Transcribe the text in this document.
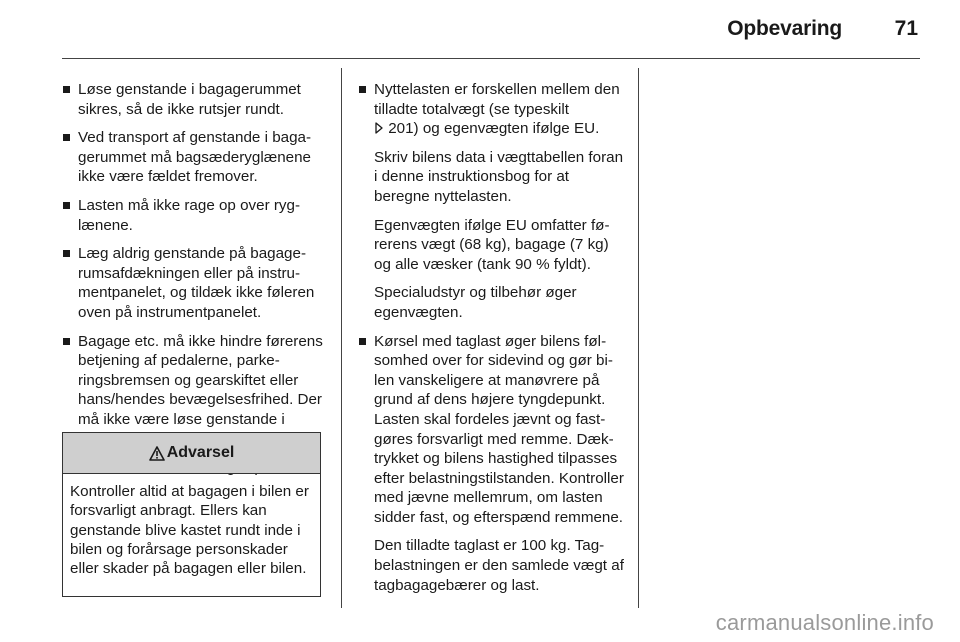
Opbevaring	71
Løse genstande i bagagerummet sikres, så de ikke rutsjer rundt.
Ved transport af genstande i bagagerummet må bagsæderyglænene ikke være fældet fremover.
Lasten må ikke rage op over ryglænene.
Læg aldrig genstande på bagagerumsafdækningen eller på instrumentpanelet, og tildæk ikke føleren oven på instrumentpanelet.
Bagage etc. må ikke hindre førerens betjening af pedalerne, parkeringsbremsen og gearskiftet eller hans/hendes bevægelsesfrihed. Der må ikke være løse genstande i
Advarsel
Kontroller altid at bagagen i bilen er forsvarligt anbragt. Ellers kan genstande blive kastet rundt inde i bilen og forårsage personskader eller skader på bagagen eller bilen.
Nyttelasten er forskellen mellem den tilladte totalvægt (se typeskilt
201) og egenvægten ifølge EU.
Skriv bilens data i vægttabellen foran i denne instruktionsbog for at beregne nyttelasten.
Egenvægten ifølge EU omfatter førerens vægt (68 kg), bagage (7 kg) og alle væsker (tank 90 % fyldt).
Specialudstyr og tilbehør øger egenvægten.
Kørsel med taglast øger bilens følsomhed over for sidevind og gør bilen vanskeligere at manøvrere på grund af dens højere tyngdepunkt. Lasten skal fordeles jævnt og fastgøres forsvarligt med remme. Dæktrykket og bilens hastighed tilpasses efter belastningstilstanden. Kontroller med jævne mellemrum, om lasten sidder fast, og efterspænd remmene.
Den tilladte taglast er 100 kg. Tagbelastningen er den samlede vægt af tagbagagebærer og last.
carmanualsonline.info
